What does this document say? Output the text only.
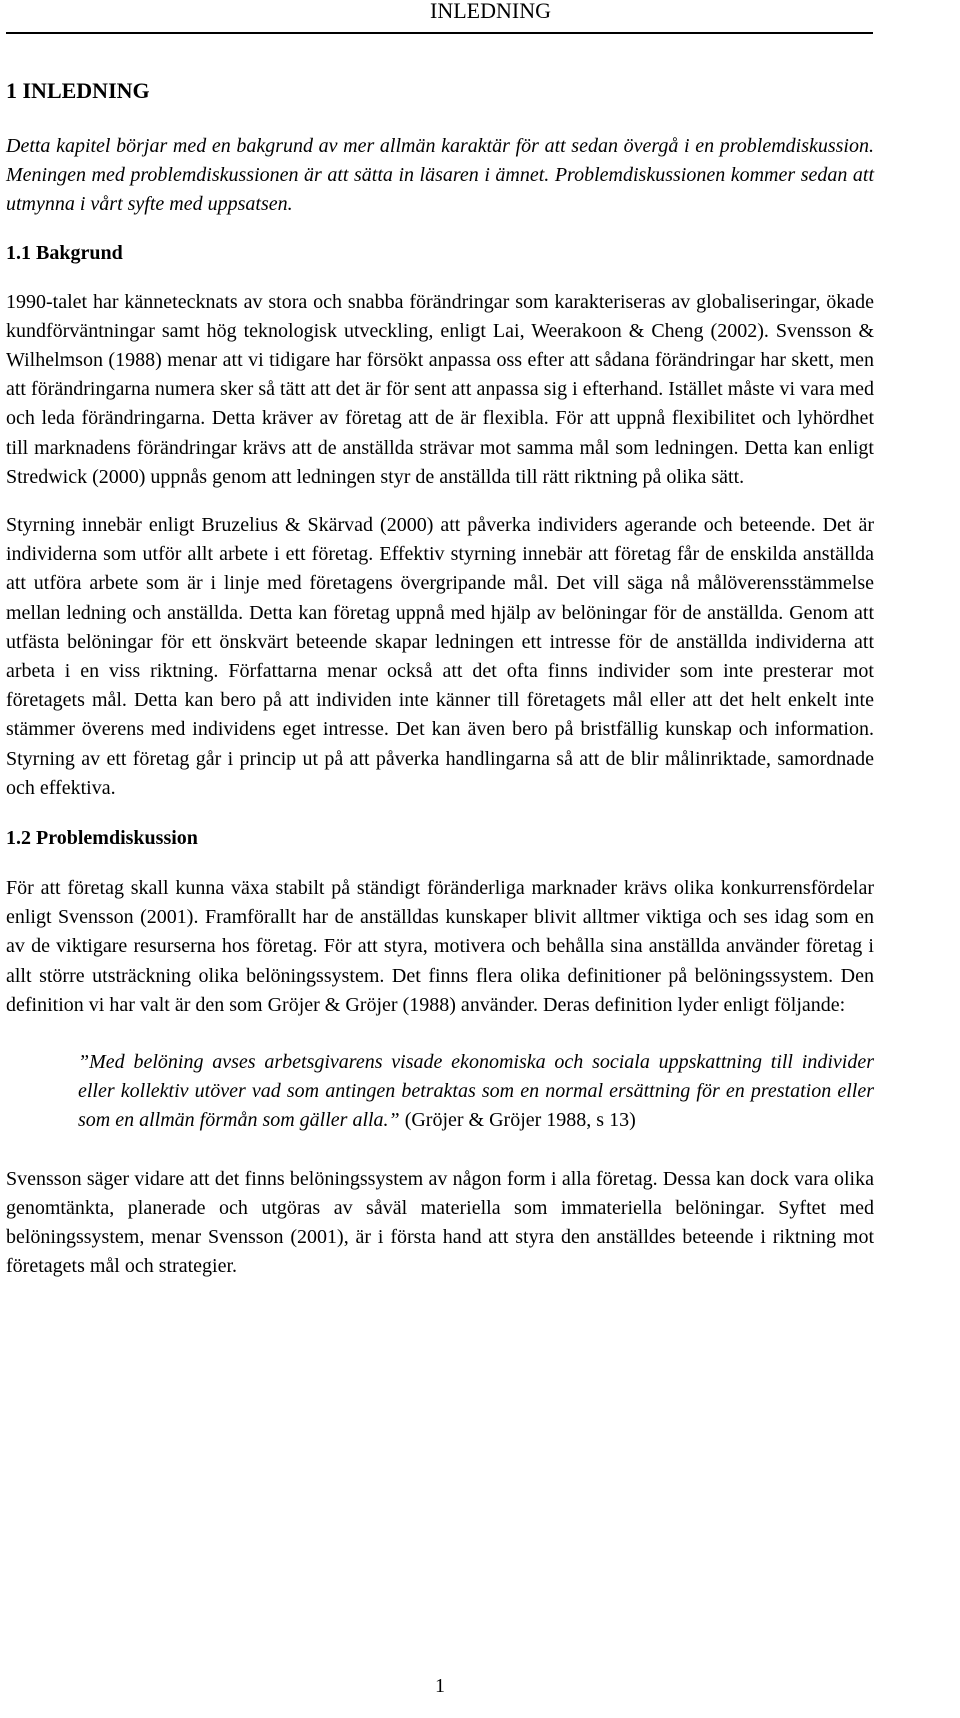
INLEDNING
1 INLEDNING

Detta kapitel börjar med en bakgrund av mer allmän karaktär för att sedan övergå i en problemdiskussion. Meningen med problemdiskussionen är att sätta in läsaren i ämnet. Problemdiskussionen kommer sedan att utmynna i vårt syfte med uppsatsen.

1.1 Bakgrund

1990-talet har kännetecknats av stora och snabba förändringar som karakteriseras av globaliseringar, ökade kundförväntningar samt hög teknologisk utveckling, enligt Lai, Weerakoon & Cheng (2002). Svensson & Wilhelmson (1988) menar att vi tidigare har försökt anpassa oss efter att sådana förändringar har skett, men att förändringarna numera sker så tätt att det är för sent att anpassa sig i efterhand. Istället måste vi vara med och leda förändringarna. Detta kräver av företag att de är flexibla. För att uppnå flexibilitet och lyhördhet till marknadens förändringar krävs att de anställda strävar mot samma mål som ledningen. Detta kan enligt Stredwick (2000) uppnås genom att ledningen styr de anställda till rätt riktning på olika sätt.

Styrning innebär enligt Bruzelius & Skärvad (2000) att påverka individers agerande och beteende. Det är individerna som utför allt arbete i ett företag. Effektiv styrning innebär att företag får de enskilda anställda att utföra arbete som är i linje med företagens övergripande mål. Det vill säga nå målöverensstämmelse mellan ledning och anställda. Detta kan företag uppnå med hjälp av belöningar för de anställda. Genom att utfästa belöningar för ett önskvärt beteende skapar ledningen ett intresse för de anställda individerna att arbeta i en viss riktning. Författarna menar också att det ofta finns individer som inte presterar mot företagets mål. Detta kan bero på att individen inte känner till företagets mål eller att det helt enkelt inte stämmer överens med individens eget intresse. Det kan även bero på bristfällig kunskap och information. Styrning av ett företag går i princip ut på att påverka handlingarna så att de blir målinriktade, samordnade och effektiva.

1.2 Problemdiskussion

För att företag skall kunna växa stabilt på ständigt föränderliga marknader krävs olika konkurrensfördelar enligt Svensson (2001). Framförallt har de anställdas kunskaper blivit alltmer viktiga och ses idag som en av de viktigare resurserna hos företag. För att styra, motivera och behålla sina anställda använder företag i allt större utsträckning olika belöningssystem. Det finns flera olika definitioner på belöningssystem. Den definition vi har valt är den som Gröjer & Gröjer (1988) använder. Deras definition lyder enligt följande:

”Med belöning avses arbetsgivarens visade ekonomiska och sociala uppskattning till individer eller kollektiv utöver vad som antingen betraktas som en normal ersättning för en prestation eller som en allmän förmån som gäller alla.” (Gröjer & Gröjer 1988, s 13)

Svensson säger vidare att det finns belöningssystem av någon form i alla företag. Dessa kan dock vara olika genomtänkta, planerade och utgöras av såväl materiella som immateriella belöningar. Syftet med belöningssystem, menar Svensson (2001), är i första hand att styra den anställdes beteende i riktning mot företagets mål och strategier.

1
